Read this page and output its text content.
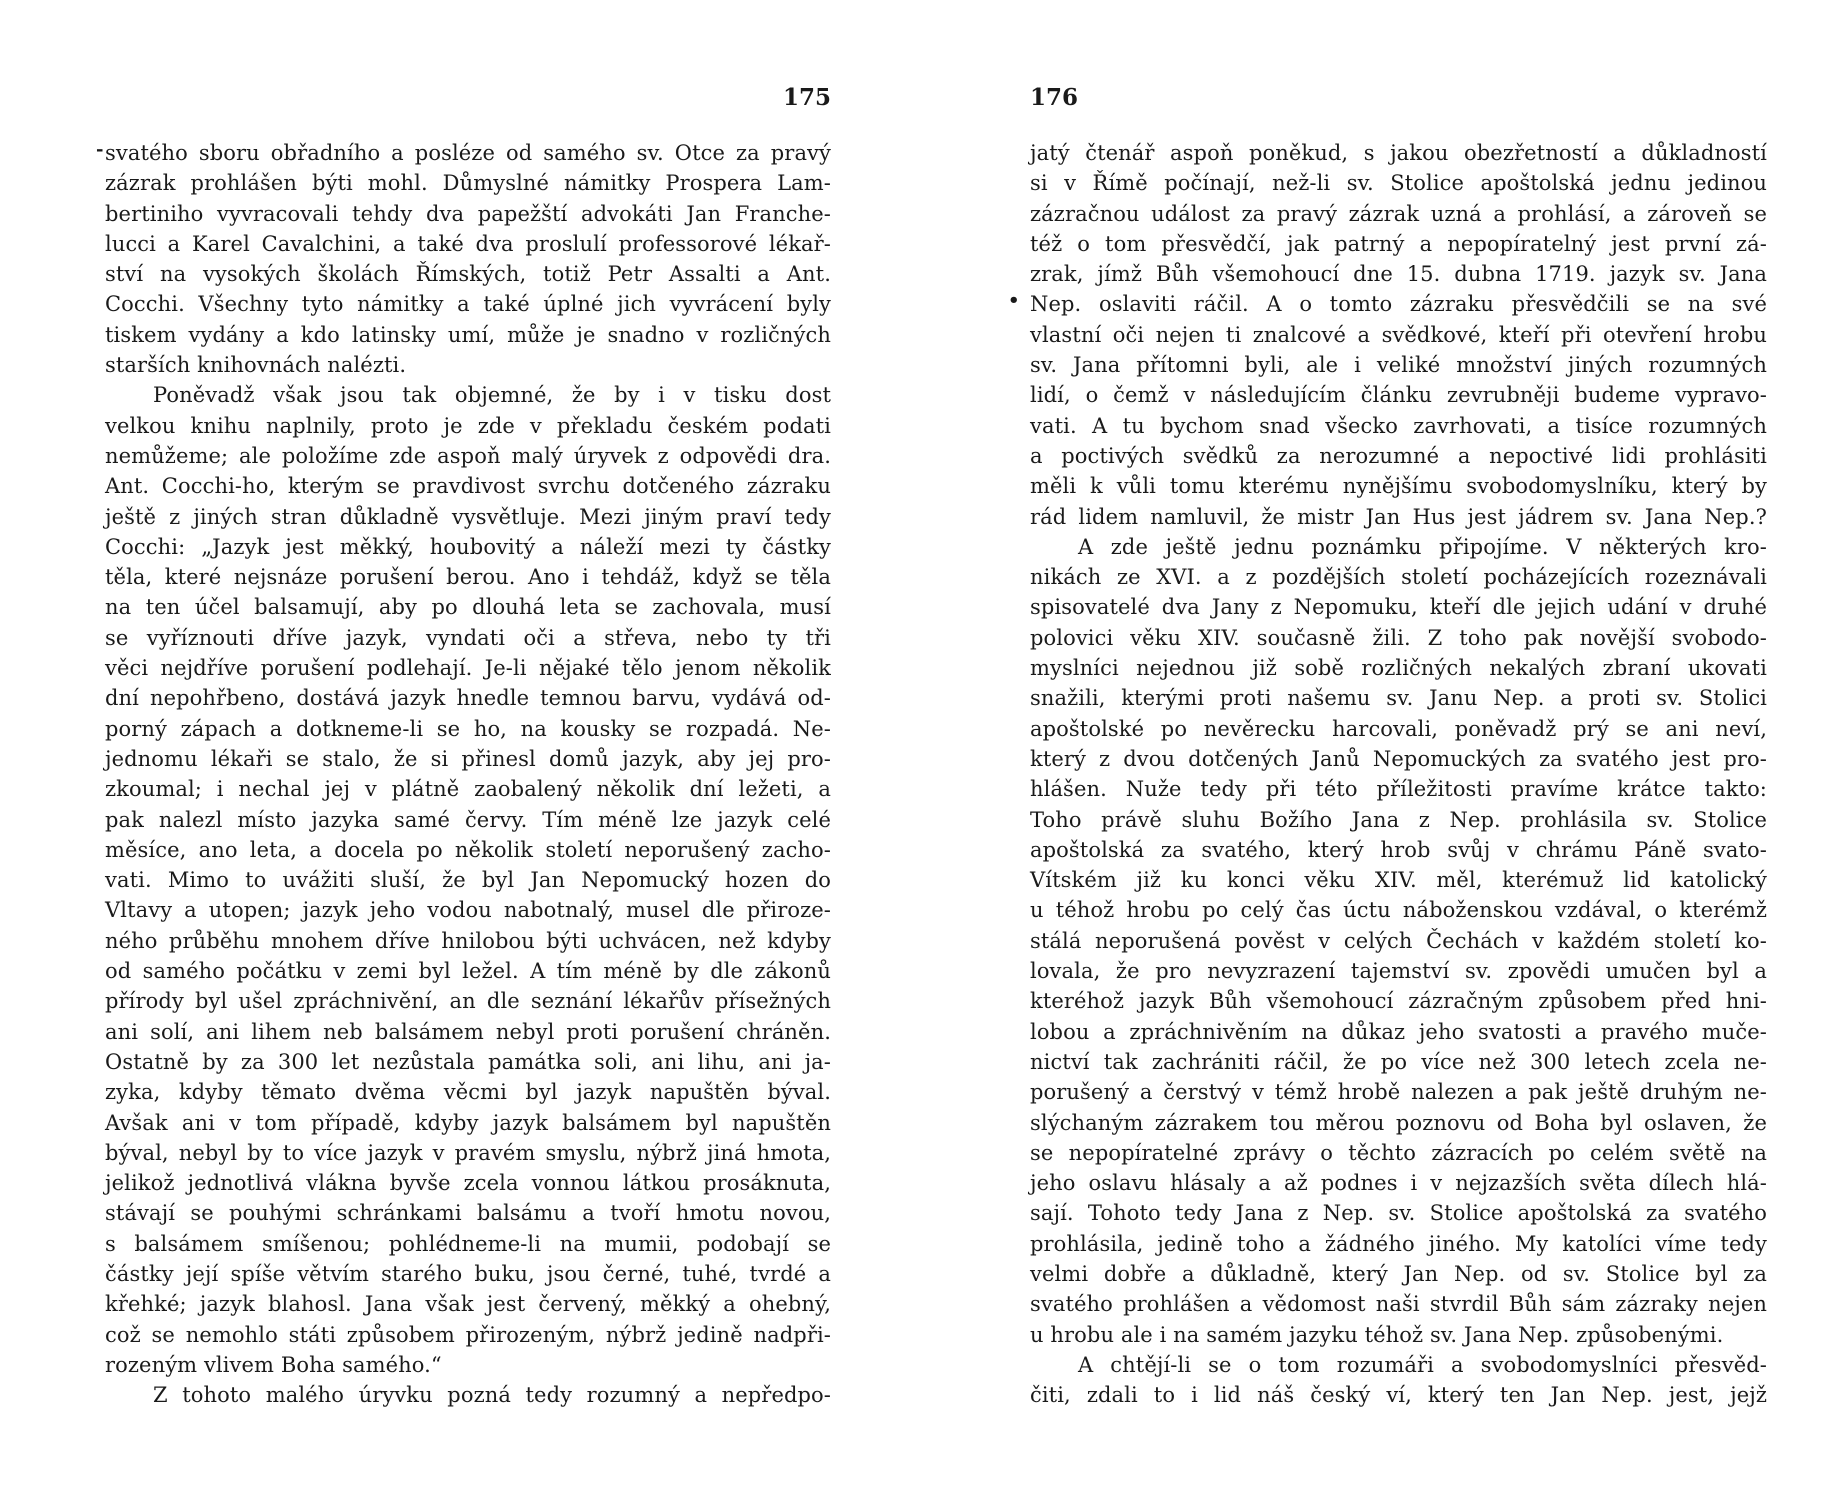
175
svatého sboru obřadního a posléze od samého sv. Otce za pravý
zázrak prohlášen býti mohl. Důmyslné námitky Prospera Lam-
bertiniho vyvracovali tehdy dva papežští advokáti Jan Franche-
lucci a Karel Cavalchini, a také dva proslulí professorové lékař-
ství na vysokých školách Římských, totiž Petr Assalti a Ant.
Cocchi. Všechny tyto námitky a také úplné jich vyvrácení byly
tiskem vydány a kdo latinsky umí, může je snadno v rozličných
starších knihovnách nalézti.
Poněvadž však jsou tak objemné, že by i v tisku dost
velkou knihu naplnily, proto je zde v překladu českém podati
nemůžeme; ale položíme zde aspoň malý úryvek z odpovědi dra.
Ant. Cocchi-ho, kterým se pravdivost svrchu dotčeného zázraku
ještě z jiných stran důkladně vysvětluje. Mezi jiným praví tedy
Cocchi: „Jazyk jest měkký, houbovitý a náleží mezi ty částky
těla, které nejsnáze porušení berou. Ano i tehdáž, když se těla
na ten účel balsamují, aby po dlouhá leta se zachovala, musí
se vyříznouti dříve jazyk, vyndati oči a střeva, nebo ty tři
věci nejdříve porušení podlehají. Je-li nějaké tělo jenom několik
dní nepohřbeno, dostává jazyk hnedle temnou barvu, vydává od-
porný zápach a dotkneme-li se ho, na kousky se rozpadá. Ne-
jednomu lékaři se stalo, že si přinesl domů jazyk, aby jej pro-
zkoumal; i nechal jej v plátně zaobalený několik dní ležeti, a
pak nalezl místo jazyka samé červy. Tím méně lze jazyk celé
měsíce, ano leta, a docela po několik století neporušený zacho-
vati. Mimo to uvážiti sluší, že byl Jan Nepomucký hozen do
Vltavy a utopen; jazyk jeho vodou nabotnalý, musel dle přiroze-
ného průběhu mnohem dříve hnilobou býti uchvácen, než kdyby
od samého počátku v zemi byl ležel. A tím méně by dle zákonů
přírody byl ušel zpráchnivění, an dle seznání lékařův přísežných
ani solí, ani lihem neb balsámem nebyl proti porušení chráněn.
Ostatně by za 300 let nezůstala památka soli, ani lihu, ani ja-
zyka, kdyby těmato dvěma věcmi byl jazyk napuštěn býval.
Avšak ani v tom případě, kdyby jazyk balsámem byl napuštěn
býval, nebyl by to více jazyk v pravém smyslu, nýbrž jiná hmota,
jelikož jednotlivá vlákna byvše zcela vonnou látkou prosáknuta,
stávají se pouhými schránkami balsámu a tvoří hmotu novou,
s balsámem smíšenou; pohlédneme-li na mumii, podobají se
částky její spíše větvím starého buku, jsou černé, tuhé, tvrdé a
křehké; jazyk blahosl. Jana však jest červený, měkký a ohebný,
což se nemohlo státi způsobem přirozeným, nýbrž jedině nadpři-
rozeným vlivem Boha samého.“
Z tohoto malého úryvku pozná tedy rozumný a nepředpo-
176
jatý čtenář aspoň poněkud, s jakou obezřetností a důkladností
si v Římě počínají, než-li sv. Stolice apoštolská jednu jedinou
zázračnou událost za pravý zázrak uzná a prohlásí, a zároveň se
též o tom přesvědčí, jak patrný a nepopíratelný jest první zá-
zrak, jímž Bůh všemohoucí dne 15. dubna 1719. jazyk sv. Jana
Nep. oslaviti ráčil. A o tomto zázraku přesvědčili se na své
vlastní oči nejen ti znalcové a svědkové, kteří při otevření hrobu
sv. Jana přítomni byli, ale i veliké množství jiných rozumných
lidí, o čemž v následujícím článku zevrubněji budeme vypravo-
vati. A tu bychom snad všecko zavrhovati, a tisíce rozumných
a poctivých svědků za nerozumné a nepoctivé lidi prohlásiti
měli k vůli tomu kterému nynějšímu svobodomyslníku, který by
rád lidem namluvil, že mistr Jan Hus jest jádrem sv. Jana Nep.?
A zde ještě jednu poznámku připojíme. V některých kro-
nikách ze XVI. a z pozdějších století pocházejících rozeznávali
spisovatelé dva Jany z Nepomuku, kteří dle jejich udání v druhé
polovici věku XIV. současně žili. Z toho pak novější svobodo-
myslníci nejednou již sobě rozličných nekalých zbraní ukovati
snažili, kterými proti našemu sv. Janu Nep. a proti sv. Stolici
apoštolské po nevěrecku harcovali, poněvadž prý se ani neví,
který z dvou dotčených Janů Nepomuckých za svatého jest pro-
hlášen. Nuže tedy při této příležitosti pravíme krátce takto:
Toho právě sluhu Božího Jana z Nep. prohlásila sv. Stolice
apoštolská za svatého, který hrob svůj v chrámu Páně svato-
Vítském již ku konci věku XIV. měl, kterémuž lid katolický
u téhož hrobu po celý čas úctu náboženskou vzdával, o kterémž
stálá neporušená pověst v celých Čechách v každém století ko-
lovala, že pro nevyzrazení tajemství sv. zpovědi umučen byl a
kteréhož jazyk Bůh všemohoucí zázračným způsobem před hni-
lobou a zpráchnivěním na důkaz jeho svatosti a pravého muče-
nictví tak zachrániti ráčil, že po více než 300 letech zcela ne-
porušený a čerstvý v témž hrobě nalezen a pak ještě druhým ne-
slýchaným zázrakem tou měrou poznovu od Boha byl oslaven, že
se nepopíratelné zprávy o těchto zázracích po celém světě na
jeho oslavu hlásaly a až podnes i v nejzazších světa dílech hlá-
sají. Tohoto tedy Jana z Nep. sv. Stolice apoštolská za svatého
prohlásila, jedině toho a žádného jiného. My katolíci víme tedy
velmi dobře a důkladně, který Jan Nep. od sv. Stolice byl za
svatého prohlášen a vědomost naši stvrdil Bůh sám zázraky nejen
u hrobu ale i na samém jazyku téhož sv. Jana Nep. způsobenými.
A chtějí-li se o tom rozumáři a svobodomyslníci přesvěd-
čiti, zdali to i lid náš český ví, který ten Jan Nep. jest, jejž
-
•
